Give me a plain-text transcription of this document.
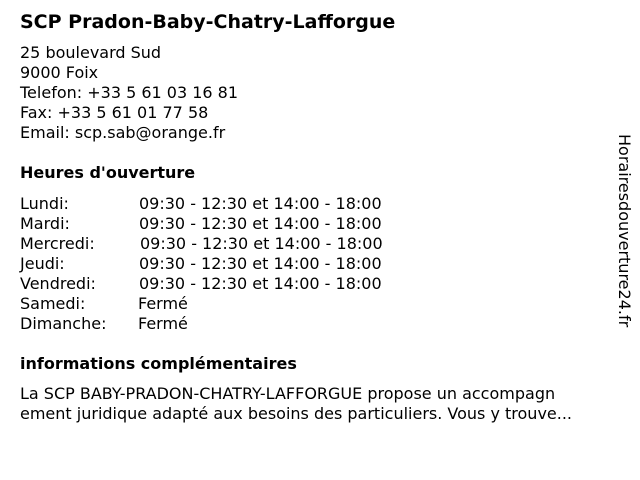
SCP Pradon-Baby-Chatry-Lafforgue
25 boulevard Sud
9000 Foix
Telefon: +33 5 61 03 16 81
Fax: +33 5 61 01 77 58
Email: scp.sab@orange.fr
Heures d'ouverture
Lundi:	09:30 - 12:30 et 14:00 - 18:00
Mardi:	09:30 - 12:30 et 14:00 - 18:00
Mercredi:	09:30 - 12:30 et 14:00 - 18:00
Jeudi:	09:30 - 12:30 et 14:00 - 18:00
Vendredi:	09:30 - 12:30 et 14:00 - 18:00
Samedi:	Fermé
Dimanche: Fermé
informations complémentaires
La SCP BABY-PRADON-CHATRY-LAFFORGUE propose un accompagn
ement juridique adapté aux besoins des particuliers. Vous y trouve...
Horairesdouverture24.fr
